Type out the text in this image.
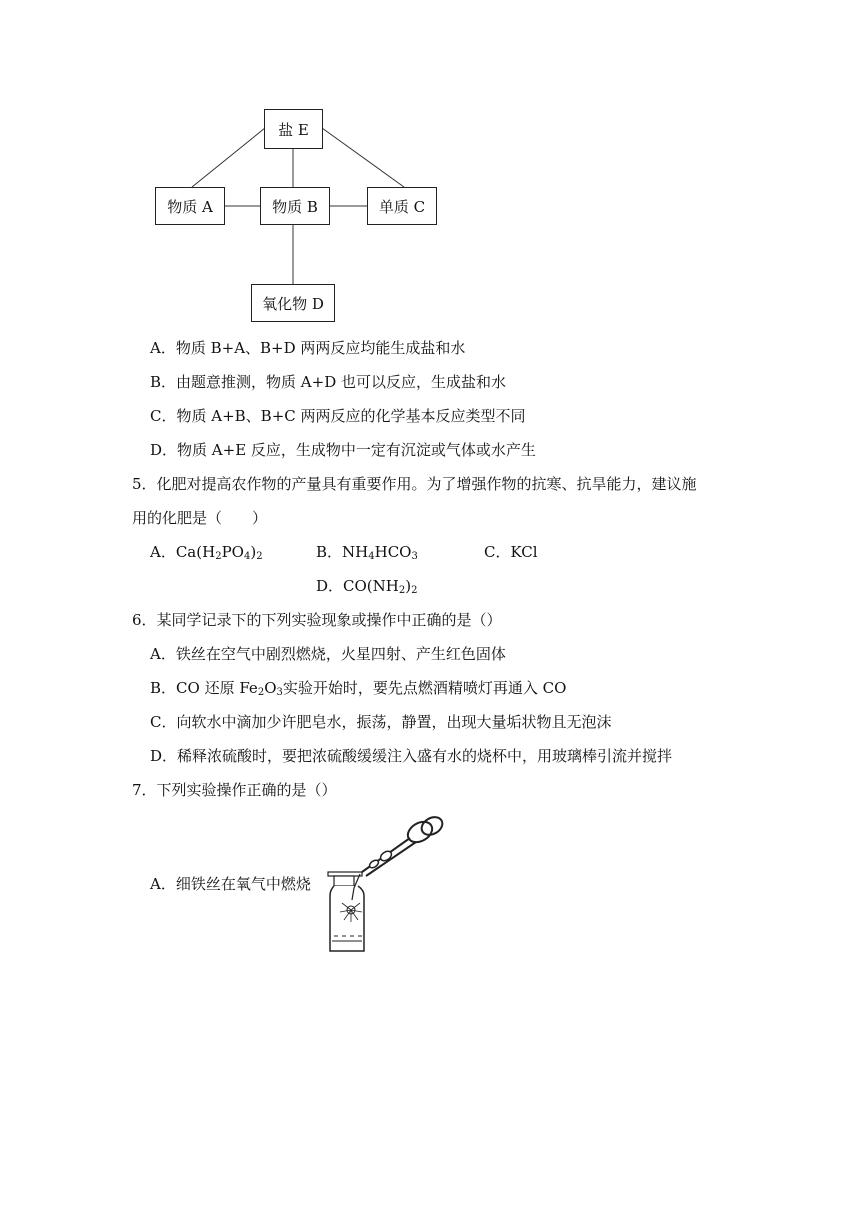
盐 E
物质 A	物质 B	单质 C
氧化物 D
A．物质 B+A、B+D 两两反应均能生成盐和水
B．由题意推测，物质 A+D 也可以反应，生成盐和水
C．物质 A+B、B+C 两两反应的化学基本反应类型不同
D．物质 A+E 反应，生成物中一定有沉淀或气体或水产生
5．化肥对提高农作物的产量具有重要作用。为了增强作物的抗寒、抗旱能力，建议施
用的化肥是（　　）
A．$Ca(H_2PO_4)_2$	B．$NH_4HCO_3$	C．KCl
D．$CO(NH_2)_2$
6．某同学记录下的下列实验现象或操作中正确的是（）
A．铁丝在空气中剧烈燃烧，火星四射、产生红色固体
B．CO 还原 $Fe_2O_3$实验开始时，要先点燃酒精喷灯再通入 CO
C．向软水中滴加少许肥皂水，振荡，静置，出现大量垢状物且无泡沫
D．稀释浓硫酸时，要把浓硫酸缓缓注入盛有水的烧杯中，用玻璃棒引流并搅拌
7．下列实验操作正确的是（）
A．细铁丝在氧气中燃烧
